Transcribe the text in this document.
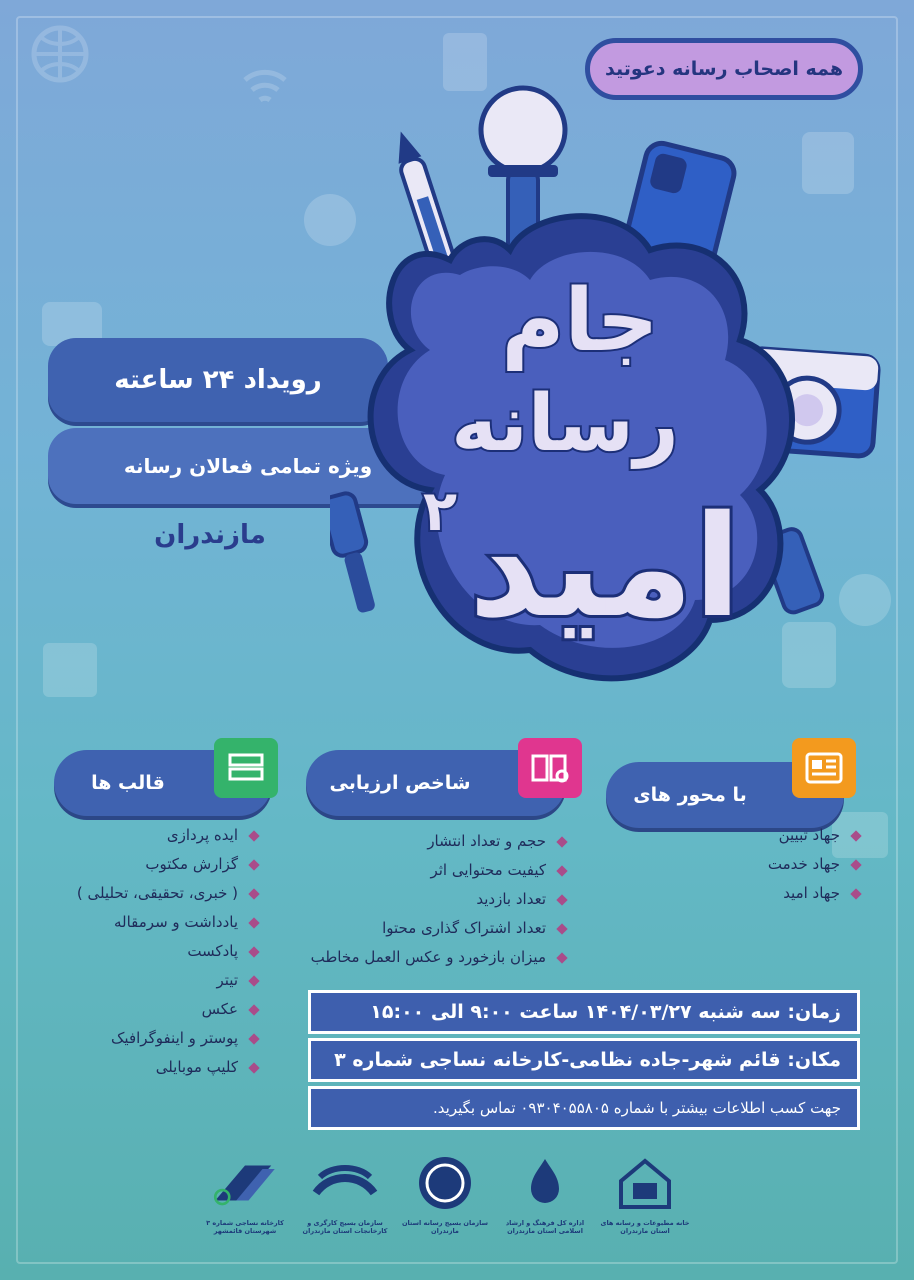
همه اصحاب رسانه دعوتید
رویداد ۲۴ ساعته
ویژه تمامی فعالان رسانه
مازندران
جام
رسانه
امید
۲
با محور های
جهاد تبیین
جهاد خدمت
جهاد امید
شاخص ارزیابی
حجم و تعداد انتشار
کیفیت محتوایی اثر
تعداد بازدید
تعداد اشتراک گذاری محتوا
میزان بازخورد و عکس العمل مخاطب
قالب ها
ایده پردازی
گزارش مکتوب
( خبری، تحقیقی، تحلیلی )
یادداشت و سرمقاله
پادکست
تیتر
عکس
پوستر و اینفوگرافیک
کلیپ موبایلی
زمان: سه شنبه ۱۴۰۴/۰۳/۲۷ ساعت ۹:۰۰ الی ۱۵:۰۰
مکان: قائم شهر-جاده نظامی-کارخانه نساجی شماره ۳
جهت کسب اطلاعات بیشتر با شماره ۰۹۳۰۴۰۵۵۸۰۵ تماس بگیرید.
خانه مطبوعات و رسانه های استان مازندران
اداره کل فرهنگ و ارشاد اسلامی استان مازندران
سازمان بسیج رسانه استان مازندران
سازمان بسیج کارگری و کارخانجات استان مازندران
کارخانه نساجی شماره ۳ شهرستان قائمشهر
